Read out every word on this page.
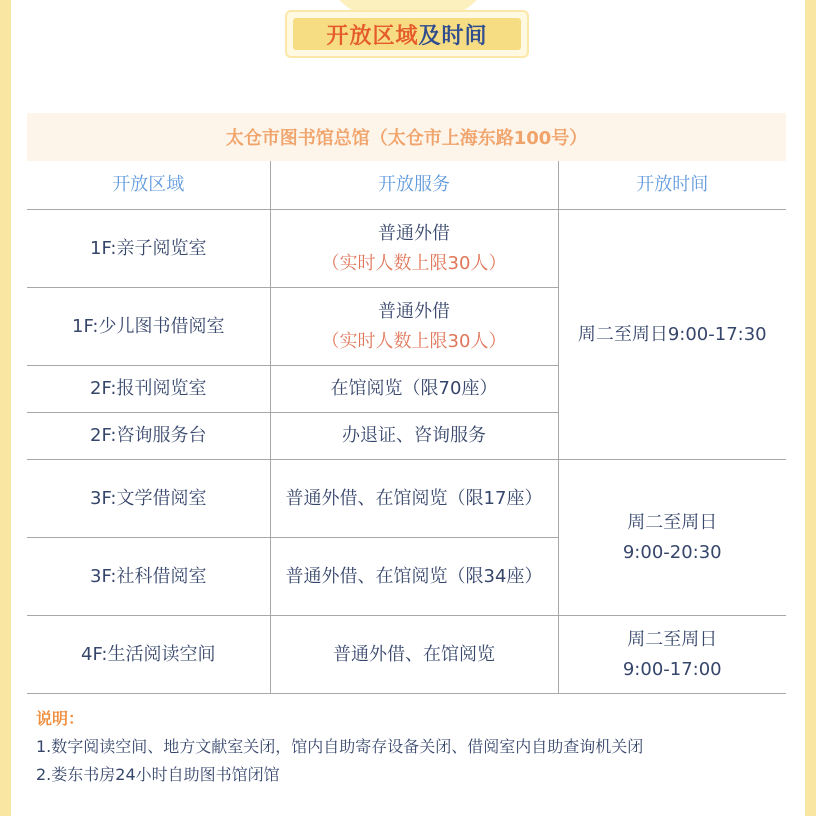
开放区域 及时间
太仓市图书馆总馆（太仓市上海东路100号）
开放区域	开放服务	开放时间
1F:亲子阅览室	普通外借
（实时人数上限30人）	周二至周日9:00-17:30
1F:少儿图书借阅室	普通外借
（实时人数上限30人）	

2F:报刊阅览室	在馆阅览（限70座）	
2F:咨询服务台	办退证、咨询服务	
3F:文学借阅室	普通外借、在馆阅览（限17座）	周二至周日
9:00-20:30

3F:社科借阅室	普通外借、在馆阅览（限34座）	
4F:生活阅读空间	普通外借、在馆阅览	周二至周日
9:00-17:00
说明：
1.数字阅读空间、地方文献室关闭，馆内自助寄存设备关闭、借阅室内自助查询机关闭
2.娄东书房24小时自助图书馆闭馆
